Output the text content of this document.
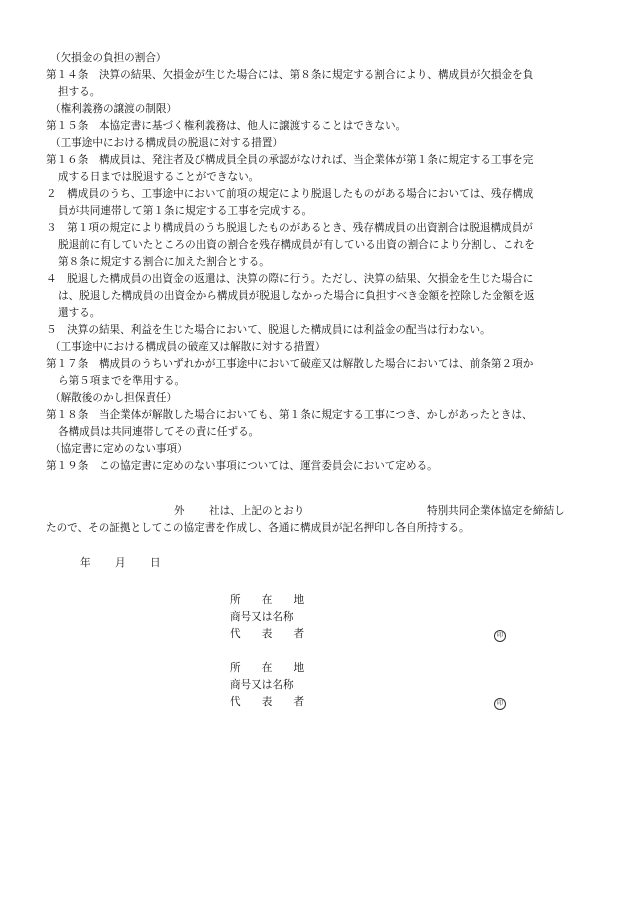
（欠損金の負担の割合）
第１４条　決算の結果、欠損金が生じた場合には、第８条に規定する割合により、構成員が欠損金を負
担する。
（権利義務の譲渡の制限）
第１５条　本協定書に基づく権利義務は、他人に譲渡することはできない。
（工事途中における構成員の脱退に対する措置）
第１６条　構成員は、発注者及び構成員全員の承認がなければ、当企業体が第１条に規定する工事を完
成する日までは脱退することができない。
２　構成員のうち、工事途中において前項の規定により脱退したものがある場合においては、残存構成
員が共同連帯して第１条に規定する工事を完成する。
３　第１項の規定により構成員のうち脱退したものがあるとき、残存構成員の出資割合は脱退構成員が
脱退前に有していたところの出資の割合を残存構成員が有している出資の割合により分割し、これを
第８条に規定する割合に加えた割合とする。
４　脱退した構成員の出資金の返還は、決算の際に行う。ただし、決算の結果、欠損金を生じた場合に
は、脱退した構成員の出資金から構成員が脱退しなかった場合に負担すべき金額を控除した金額を返
還する。
５　決算の結果、利益を生じた場合において、脱退した構成員には利益金の配当は行わない。
（工事途中における構成員の破産又は解散に対する措置）
第１７条　構成員のうちいずれかが工事途中において破産又は解散した場合においては、前条第２項か
ら第５項までを準用する。
（解散後のかし担保責任）
第１８条　当企業体が解散した場合においても、第１条に規定する工事につき、かしがあったときは、
各構成員は共同連帯してその責に任ずる。
（協定書に定めのない事項）
第１９条　この協定書に定めのない事項については、運営委員会において定める。
外 社は、上記のとおり	特別共同企業体協定を締結し
たので、その証拠としてこの協定書を作成し、各通に構成員が記名押印し各自所持する。
年 月 日
所　　在　　地
商号又は名称
代　　表　　者	印
所　　在　　地
商号又は名称
代　　表　　者	印
